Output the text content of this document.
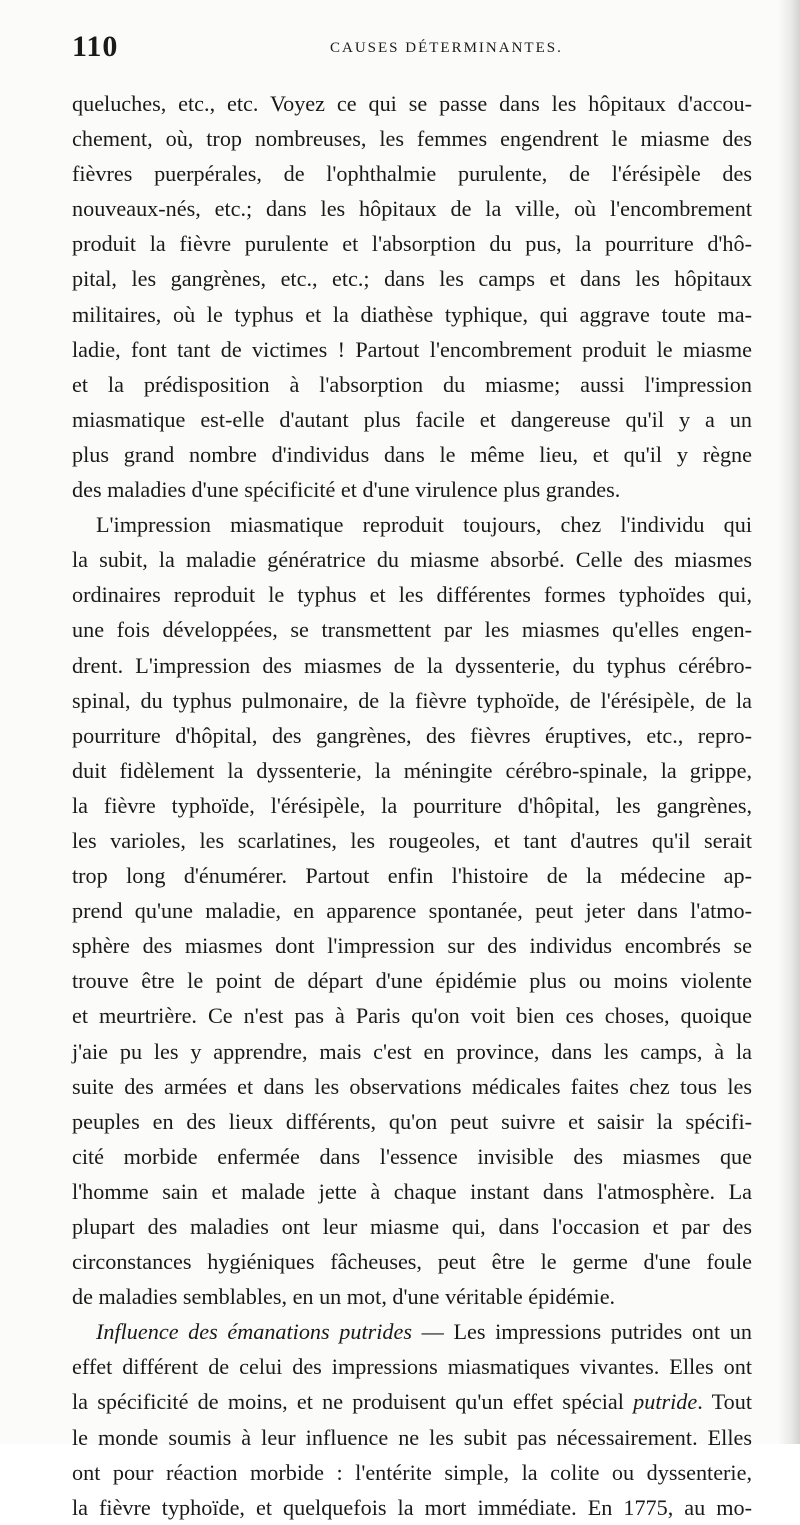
110	CAUSES DÉTERMINANTES.
queluches, etc., etc. Voyez ce qui se passe dans les hôpitaux d'accou-
chement, où, trop nombreuses, les femmes engendrent le miasme des
fièvres puerpérales, de l'ophthalmie purulente, de l'érésipèle des
nouveaux-nés, etc.; dans les hôpitaux de la ville, où l'encombrement
produit la fièvre purulente et l'absorption du pus, la pourriture d'hô-
pital, les gangrènes, etc., etc.; dans les camps et dans les hôpitaux
militaires, où le typhus et la diathèse typhique, qui aggrave toute ma-
ladie, font tant de victimes ! Partout l'encombrement produit le miasme
et la prédisposition à l'absorption du miasme; aussi l'impression
miasmatique est-elle d'autant plus facile et dangereuse qu'il y a un
plus grand nombre d'individus dans le même lieu, et qu'il y règne
des maladies d'une spécificité et d'une virulence plus grandes.
L'impression miasmatique reproduit toujours, chez l'individu qui
la subit, la maladie génératrice du miasme absorbé. Celle des miasmes
ordinaires reproduit le typhus et les différentes formes typhoïdes qui,
une fois développées, se transmettent par les miasmes qu'elles engen-
drent. L'impression des miasmes de la dyssenterie, du typhus cérébro-
spinal, du typhus pulmonaire, de la fièvre typhoïde, de l'érésipèle, de la
pourriture d'hôpital, des gangrènes, des fièvres éruptives, etc., repro-
duit fidèlement la dyssenterie, la méningite cérébro-spinale, la grippe,
la fièvre typhoïde, l'érésipèle, la pourriture d'hôpital, les gangrènes,
les varioles, les scarlatines, les rougeoles, et tant d'autres qu'il serait
trop long d'énumérer. Partout enfin l'histoire de la médecine ap-
prend qu'une maladie, en apparence spontanée, peut jeter dans l'atmo-
sphère des miasmes dont l'impression sur des individus encombrés se
trouve être le point de départ d'une épidémie plus ou moins violente
et meurtrière. Ce n'est pas à Paris qu'on voit bien ces choses, quoique
j'aie pu les y apprendre, mais c'est en province, dans les camps, à la
suite des armées et dans les observations médicales faites chez tous les
peuples en des lieux différents, qu'on peut suivre et saisir la spécifi-
cité morbide enfermée dans l'essence invisible des miasmes que
l'homme sain et malade jette à chaque instant dans l'atmosphère. La
plupart des maladies ont leur miasme qui, dans l'occasion et par des
circonstances hygiéniques fâcheuses, peut être le germe d'une foule
de maladies semblables, en un mot, d'une véritable épidémie.
Influence des émanations putrides — Les impressions putrides ont un
effet différent de celui des impressions miasmatiques vivantes. Elles ont
la spécificité de moins, et ne produisent qu'un effet spécial putride. Tout
le monde soumis à leur influence ne les subit pas nécessairement. Elles
ont pour réaction morbide : l'entérite simple, la colite ou dyssenterie,
la fièvre typhoïde, et quelquefois la mort immédiate. En 1775, au mo-
